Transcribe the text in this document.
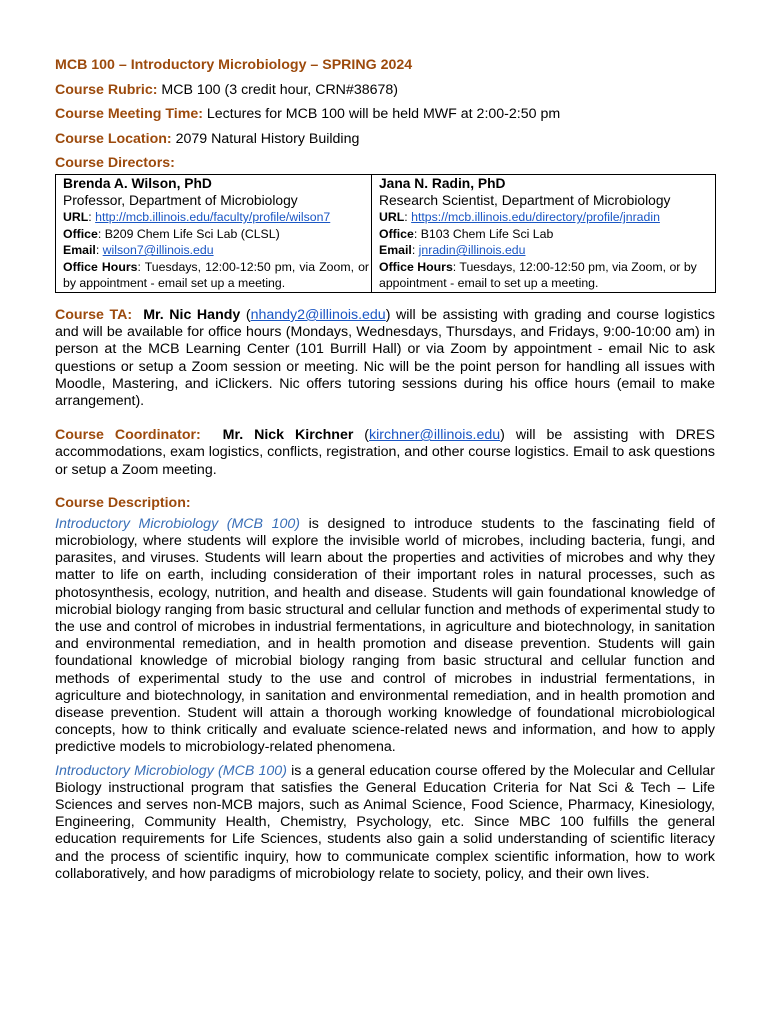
MCB 100 – Introductory Microbiology – SPRING 2024
Course Rubric: MCB 100 (3 credit hour, CRN#38678)
Course Meeting Time: Lectures for MCB 100 will be held MWF at 2:00-2:50 pm
Course Location: 2079 Natural History Building
Course Directors:
Brenda A. Wilson, PhD
Professor, Department of Microbiology
URL: http://mcb.illinois.edu/faculty/profile/wilson7
Office: B209 Chem Life Sci Lab (CLSL)
Email: wilson7@illinois.edu
Office Hours: Tuesdays, 12:00-12:50 pm, via Zoom, or by appointment - email set up a meeting.

Jana N. Radin, PhD
Research Scientist, Department of Microbiology
URL: https://mcb.illinois.edu/directory/profile/jnradin
Office: B103 Chem Life Sci Lab
Email: jnradin@illinois.edu
Office Hours: Tuesdays, 12:00-12:50 pm, via Zoom, or by appointment - email to set up a meeting.

Course TA: Mr. Nic Handy (nhandy2@illinois.edu) will be assisting with grading and course logistics and will be available for office hours (Mondays, Wednesdays, Thursdays, and Fridays, 9:00-10:00 am) in person at the MCB Learning Center (101 Burrill Hall) or via Zoom by appointment - email Nic to ask questions or setup a Zoom session or meeting. Nic will be the point person for handling all issues with Moodle, Mastering, and iClickers. Nic offers tutoring sessions during his office hours (email to make arrangement).

Course Coordinator: Mr. Nick Kirchner (kirchner@illinois.edu) will be assisting with DRES accommodations, exam logistics, conflicts, registration, and other course logistics. Email to ask questions or setup a Zoom meeting.

Course Description:

Introductory Microbiology (MCB 100) is designed to introduce students to the fascinating field of microbiology, where students will explore the invisible world of microbes, including bacteria, fungi, and parasites, and viruses. Students will learn about the properties and activities of microbes and why they matter to life on earth, including consideration of their important roles in natural processes, such as photosynthesis, ecology, nutrition, and health and disease. Students will gain foundational knowledge of microbial biology ranging from basic structural and cellular function and methods of experimental study to the use and control of microbes in industrial fermentations, in agriculture and biotechnology, in sanitation and environmental remediation, and in health promotion and disease prevention. Students will gain foundational knowledge of microbial biology ranging from basic structural and cellular function and methods of experimental study to the use and control of microbes in industrial fermentations, in agriculture and biotechnology, in sanitation and environmental remediation, and in health promotion and disease prevention. Student will attain a thorough working knowledge of foundational microbiological concepts, how to think critically and evaluate science-related news and information, and how to apply predictive models to microbiology-related phenomena.

Introductory Microbiology (MCB 100) is a general education course offered by the Molecular and Cellular Biology instructional program that satisfies the General Education Criteria for Nat Sci & Tech – Life Sciences and serves non-MCB majors, such as Animal Science, Food Science, Pharmacy, Kinesiology, Engineering, Community Health, Chemistry, Psychology, etc. Since MBC 100 fulfills the general education requirements for Life Sciences, students also gain a solid understanding of scientific literacy and the process of scientific inquiry, how to communicate complex scientific information, how to work collaboratively, and how paradigms of microbiology relate to society, policy, and their own lives.
